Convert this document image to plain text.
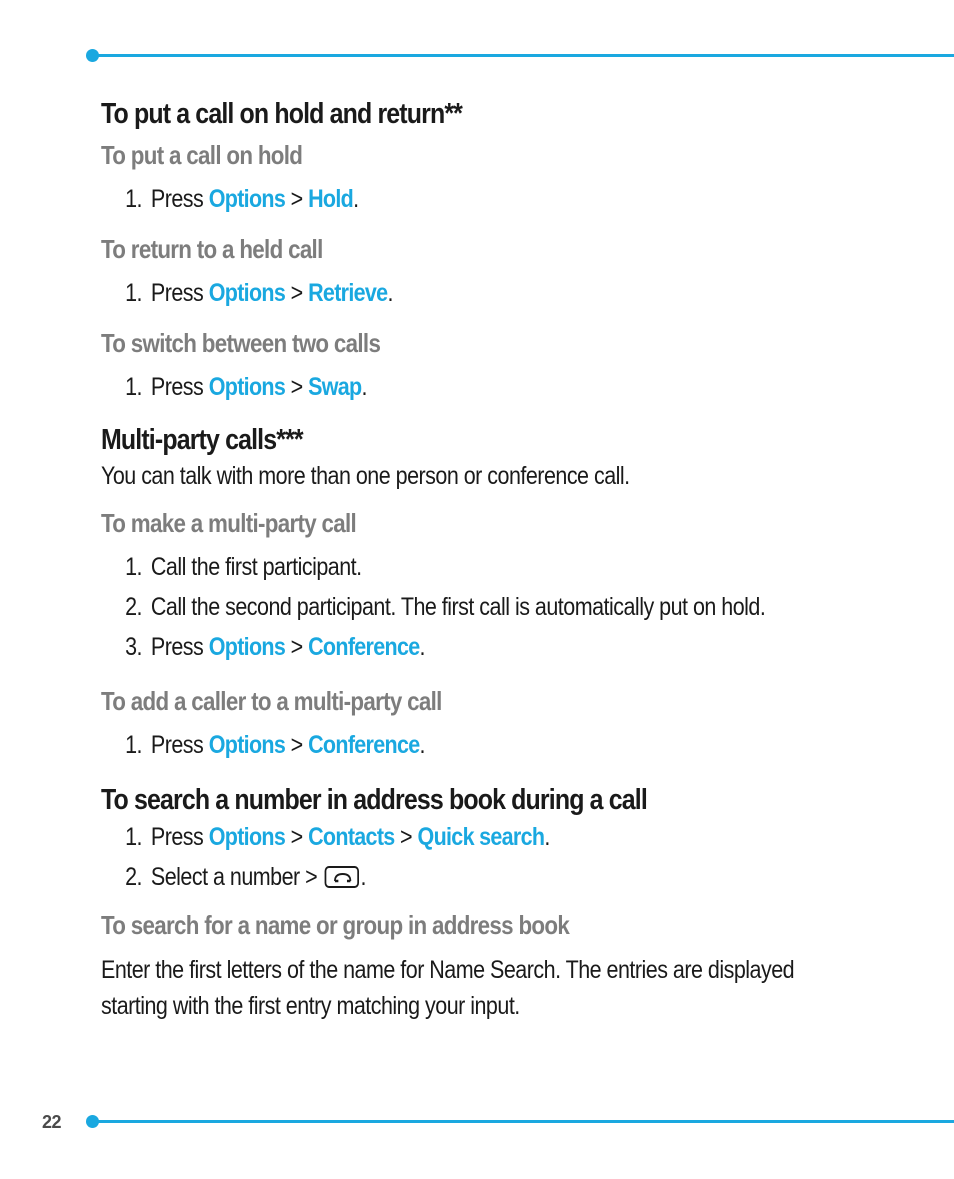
To put a call on hold and return**
To put a call on hold
1. Press Options > Hold.
To return to a held call
1. Press Options > Retrieve.
To switch between two calls
1. Press Options > Swap.
Multi-party calls***
You can talk with more than one person or conference call.
To make a multi-party call
1. Call the first participant.
2. Call the second participant. The first call is automatically put on hold.
3. Press Options > Conference.
To add a caller to a multi-party call
1. Press Options > Conference.
To search a number in address book during a call
1. Press Options > Contacts > Quick search.
2. Select a number >
.
To search for a name or group in address book
Enter the first letters of the name for Name Search. The entries are displayed
starting with the first entry matching your input.
22
